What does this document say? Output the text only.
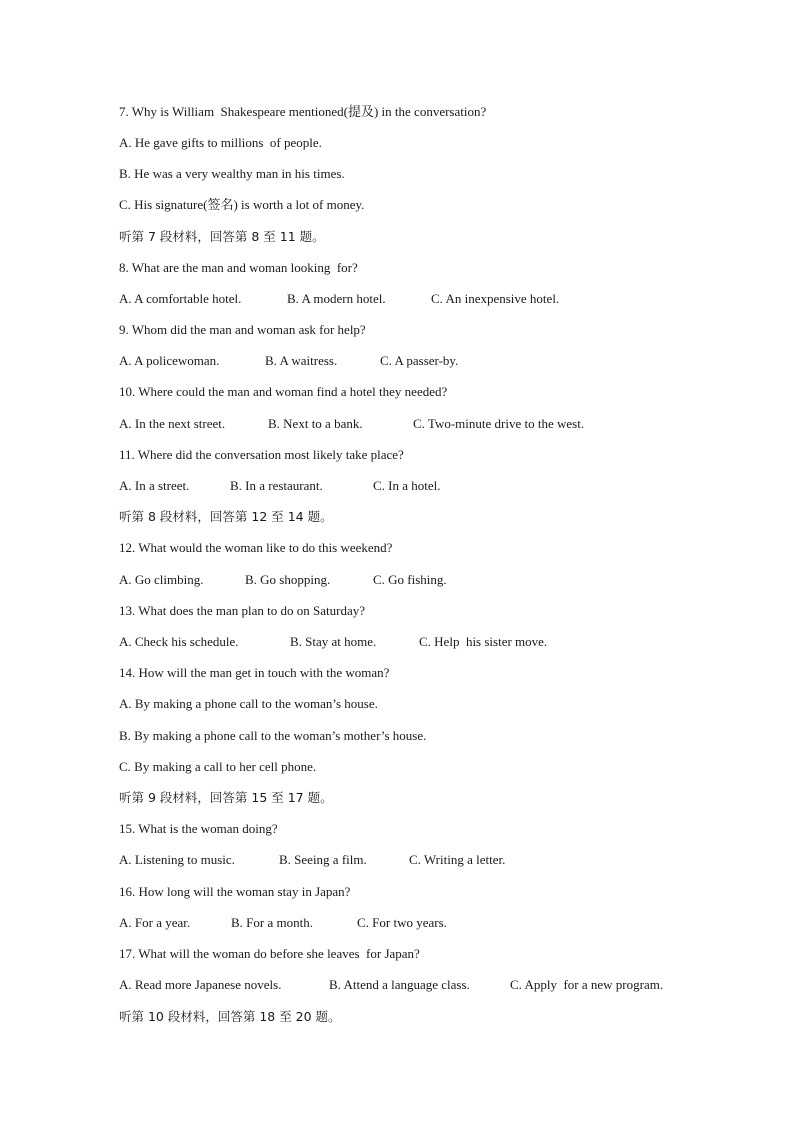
7. Why is William  Shakespeare mentioned(提及) in the conversation?
A. He gave gifts to millions  of people.
B. He was a very wealthy man in his times.
C. His signature(签名) is worth a lot of money.
听第 7 段材料，回答第 8 至 11 题。
8. What are the man and woman looking  for?
A. A comfortable hotel.	B. A modern hotel.	C. An inexpensive hotel.
9. Whom did the man and woman ask for help?
A. A policewoman.	B. A waitress.	C. A passer-by.
10. Where could the man and woman find a hotel they needed?
A. In the next street.	B. Next to a bank.	C. Two-minute drive to the west.
11. Where did the conversation most likely take place?
A. In a street.	B. In a restaurant.	C. In a hotel.
听第 8 段材料，回答第 12 至 14 题。
12. What would the woman like to do this weekend?
A. Go climbing.	B. Go shopping.	C. Go fishing.
13. What does the man plan to do on Saturday?
A. Check his schedule.	B. Stay at home.	C. Help  his sister move.
14. How will the man get in touch with the woman?
A. By making a phone call to the woman’s house.
B. By making a phone call to the woman’s mother’s house.
C. By making a call to her cell phone.
听第 9 段材料，回答第 15 至 17 题。
15. What is the woman doing?
A. Listening to music.	B. Seeing a film.	C. Writing a letter.
16. How long will the woman stay in Japan?
A. For a year.	B. For a month.	C. For two years.
17. What will the woman do before she leaves  for Japan?
A. Read more Japanese novels.	B. Attend a language class.	C. Apply  for a new program.
听第 10 段材料，回答第 18 至 20 题。
